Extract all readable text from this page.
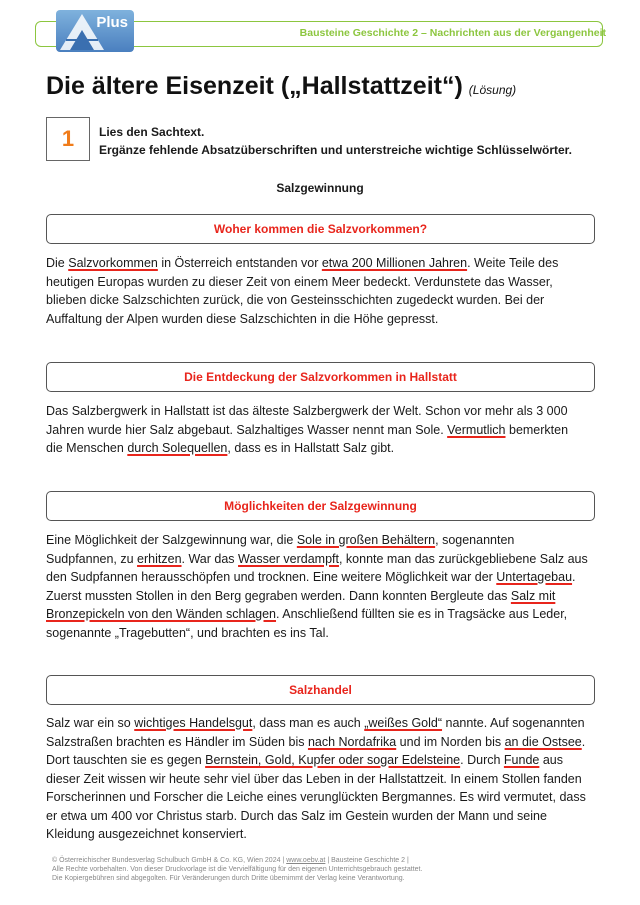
Plus
Bausteine Geschichte 2 – Nachrichten aus der Vergangenheit
Die ältere Eisenzeit („Hallstattzeit“) (Lösung)
1 Lies den Sachtext.
Ergänze fehlende Absatzüberschriften und unterstreiche wichtige Schlüsselwörter.
Salzgewinnung
Woher kommen die Salzvorkommen?
Die Salzvorkommen in Österreich entstanden vor etwa 200 Millionen Jahren. Weite Teile des
heutigen Europas wurden zu dieser Zeit von einem Meer bedeckt. Verdunstete das Wasser,
blieben dicke Salzschichten zurück, die von Gesteinsschichten zugedeckt wurden. Bei der
Auffaltung der Alpen wurden diese Salzschichten in die Höhe gepresst.
Die Entdeckung der Salzvorkommen in Hallstatt
Das Salzbergwerk in Hallstatt ist das älteste Salzbergwerk der Welt. Schon vor mehr als 3 000
Jahren wurde hier Salz abgebaut. Salzhaltiges Wasser nennt man Sole. Vermutlich bemerkten
die Menschen durch Solequellen, dass es in Hallstatt Salz gibt.
Möglichkeiten der Salzgewinnung
Eine Möglichkeit der Salzgewinnung war, die Sole in großen Behältern, sogenannten
Sudpfannen, zu erhitzen. War das Wasser verdampft, konnte man das zurückgebliebene Salz aus
den Sudpfannen herausschöpfen und trocknen. Eine weitere Möglichkeit war der Untertagebau.
Zuerst mussten Stollen in den Berg gegraben werden. Dann konnten Bergleute das Salz mit
Bronzepickeln von den Wänden schlagen. Anschließend füllten sie es in Tragsäcke aus Leder,
sogenannte „Tragebutten“, und brachten es ins Tal.
Salzhandel
Salz war ein so wichtiges Handelsgut, dass man es auch „weißes Gold“ nannte. Auf sogenannten
Salzstraßen brachten es Händler im Süden bis nach Nordafrika und im Norden bis an die Ostsee.
Dort tauschten sie es gegen Bernstein, Gold, Kupfer oder sogar Edelsteine. Durch Funde aus
dieser Zeit wissen wir heute sehr viel über das Leben in der Hallstattzeit. In einem Stollen fanden
Forscherinnen und Forscher die Leiche eines verunglückten Bergmannes. Es wird vermutet, dass
er etwa um 400 vor Christus starb. Durch das Salz im Gestein wurden der Mann und seine
Kleidung ausgezeichnet konserviert.
© Österreichischer Bundesverlag Schulbuch GmbH & Co. KG, Wien 2024 | www.oebv.at | Bausteine Geschichte 2 |
Alle Rechte vorbehalten. Von dieser Druckvorlage ist die Vervielfältigung für den eigenen Unterrichtsgebrauch gestattet.
Die Kopiergebühren sind abgegolten. Für Veränderungen durch Dritte übernimmt der Verlag keine Verantwortung.
